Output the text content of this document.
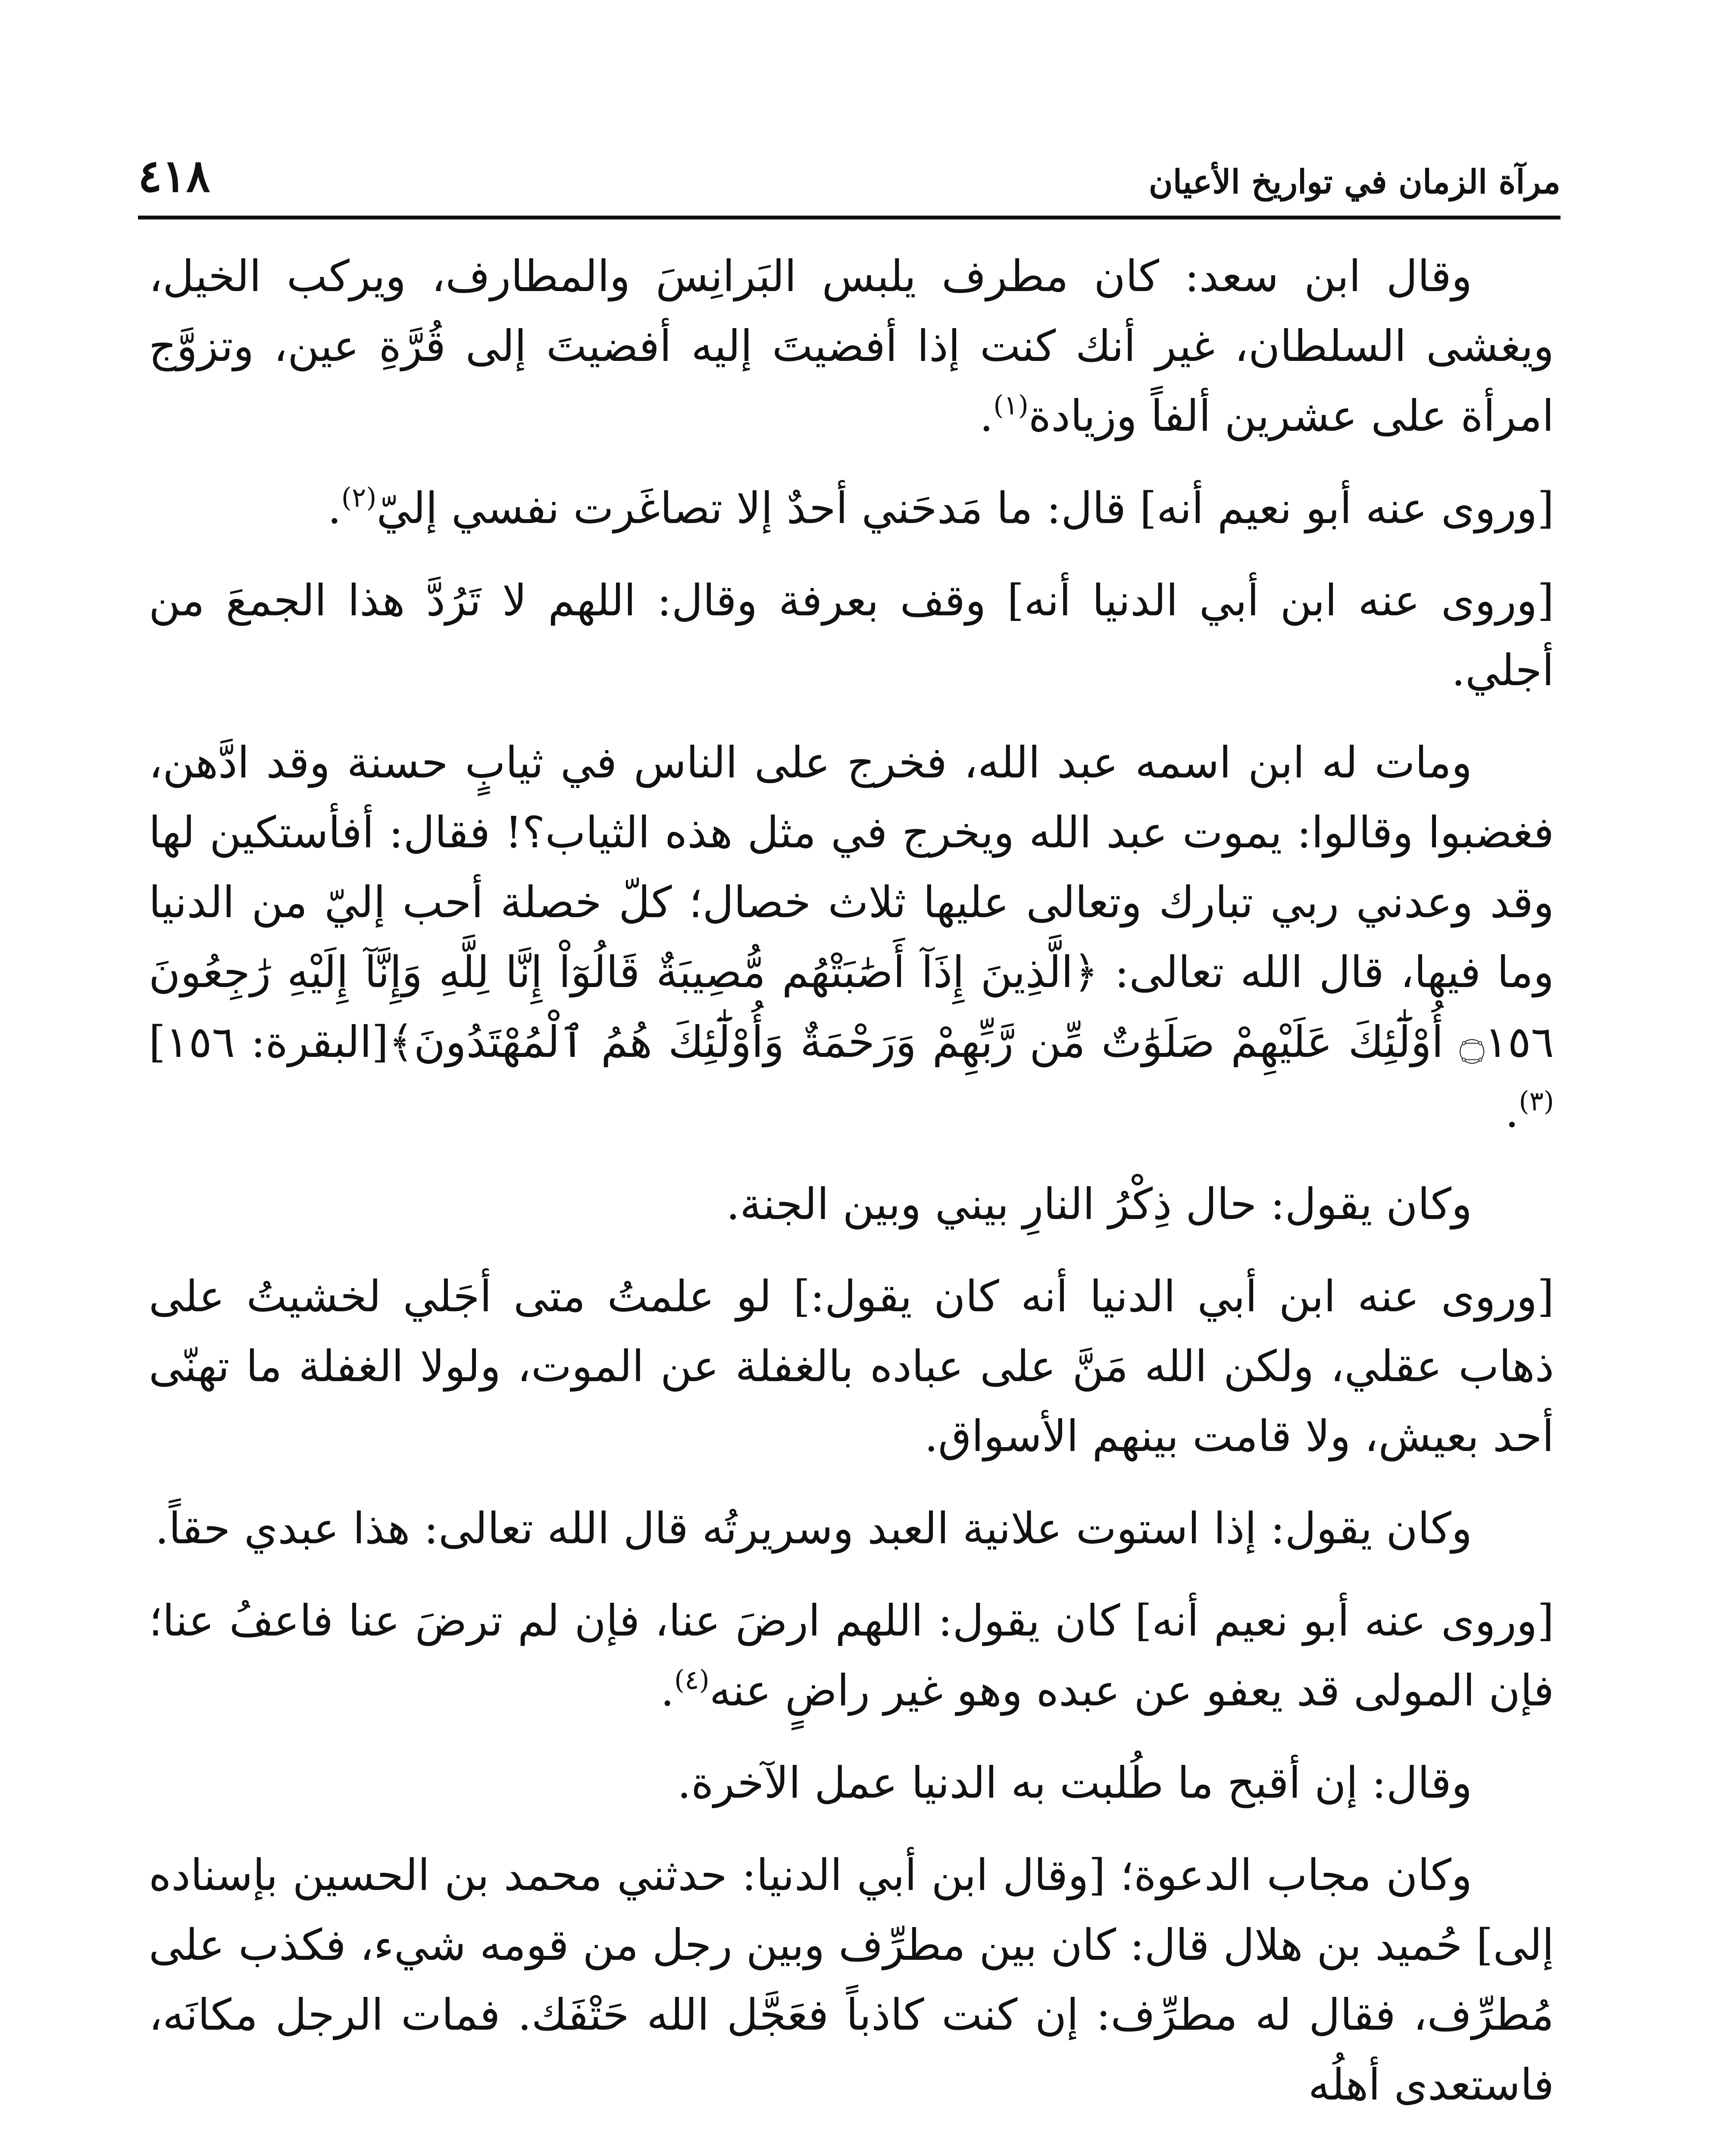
مرآة الزمان في تواريخ الأعيان
٤١٨

وقال ابن سعد: كان مطرف يلبس البَرانِسَ والمطارف، ويركب الخيل، ويغشى السلطان، غير أنك كنت إذا أفضيتَ إليه أفضيتَ إلى قُرَّةِ عين، وتزوَّج امرأة على عشرين ألفاً وزيادة$^{(١)}$.

[وروى عنه أبو نعيم أنه] قال: ما مَدحَني أحدٌ إلا تصاغَرت نفسي إليّ$^{(٢)}$.

[وروى عنه ابن أبي الدنيا أنه] وقف بعرفة وقال: اللهم لا تَرُدَّ هذا الجمعَ من أجلي.

ومات له ابن اسمه عبد الله، فخرج على الناس في ثيابٍ حسنة وقد ادَّهن، فغضبوا وقالوا: يموت عبد الله ويخرج في مثل هذه الثياب؟! فقال: أفأستكين لها وقد وعدني ربي تبارك وتعالى عليها ثلاث خصال؛ كلّ خصلة أحب إليّ من الدنيا وما فيها، قال الله تعالى: ﴿الَّذِينَ إِذَآ أَصَٰبَتْهُم مُّصِيبَةٌ قَالُوٓاْ إِنَّا لِلَّهِ وَإِنَّآ إِلَيْهِ رَٰجِعُونَ ۝١٥٦ أُوْلَٰٓئِكَ عَلَيْهِمْ صَلَوَٰتٌ مِّن رَّبِّهِمْ وَرَحْمَةٌ وَأُوْلَٰٓئِكَ هُمُ ٱلْمُهْتَدُونَ﴾[البقرة: ١٥٦]$^{(٣)}$.

وكان يقول: حال ذِكْرُ النارِ بيني وبين الجنة.

[وروى عنه ابن أبي الدنيا أنه كان يقول:] لو علمتُ متى أجَلي لخشيتُ على ذهاب عقلي، ولكن الله مَنَّ على عباده بالغفلة عن الموت، ولولا الغفلة ما تهنّى أحد بعيش، ولا قامت بينهم الأسواق.

وكان يقول: إذا استوت علانية العبد وسريرتُه قال الله تعالى: هذا عبدي حقاً.

[وروى عنه أبو نعيم أنه] كان يقول: اللهم ارضَ عنا، فإن لم ترضَ عنا فاعفُ عنا؛ فإن المولى قد يعفو عن عبده وهو غير راضٍ عنه$^{(٤)}$.

وقال: إن أقبح ما طُلبت به الدنيا عمل الآخرة.

وكان مجاب الدعوة؛ [وقال ابن أبي الدنيا: حدثني محمد بن الحسين بإسناده إلى] حُميد بن هلال قال: كان بين مطرِّف وبين رجل من قومه شيء، فكذب على مُطرِّف، فقال له مطرِّف: إن كنت كاذباً فعَجَّل الله حَتْفَك. فمات الرجل مكانَه، فاستعدى أهلُه
